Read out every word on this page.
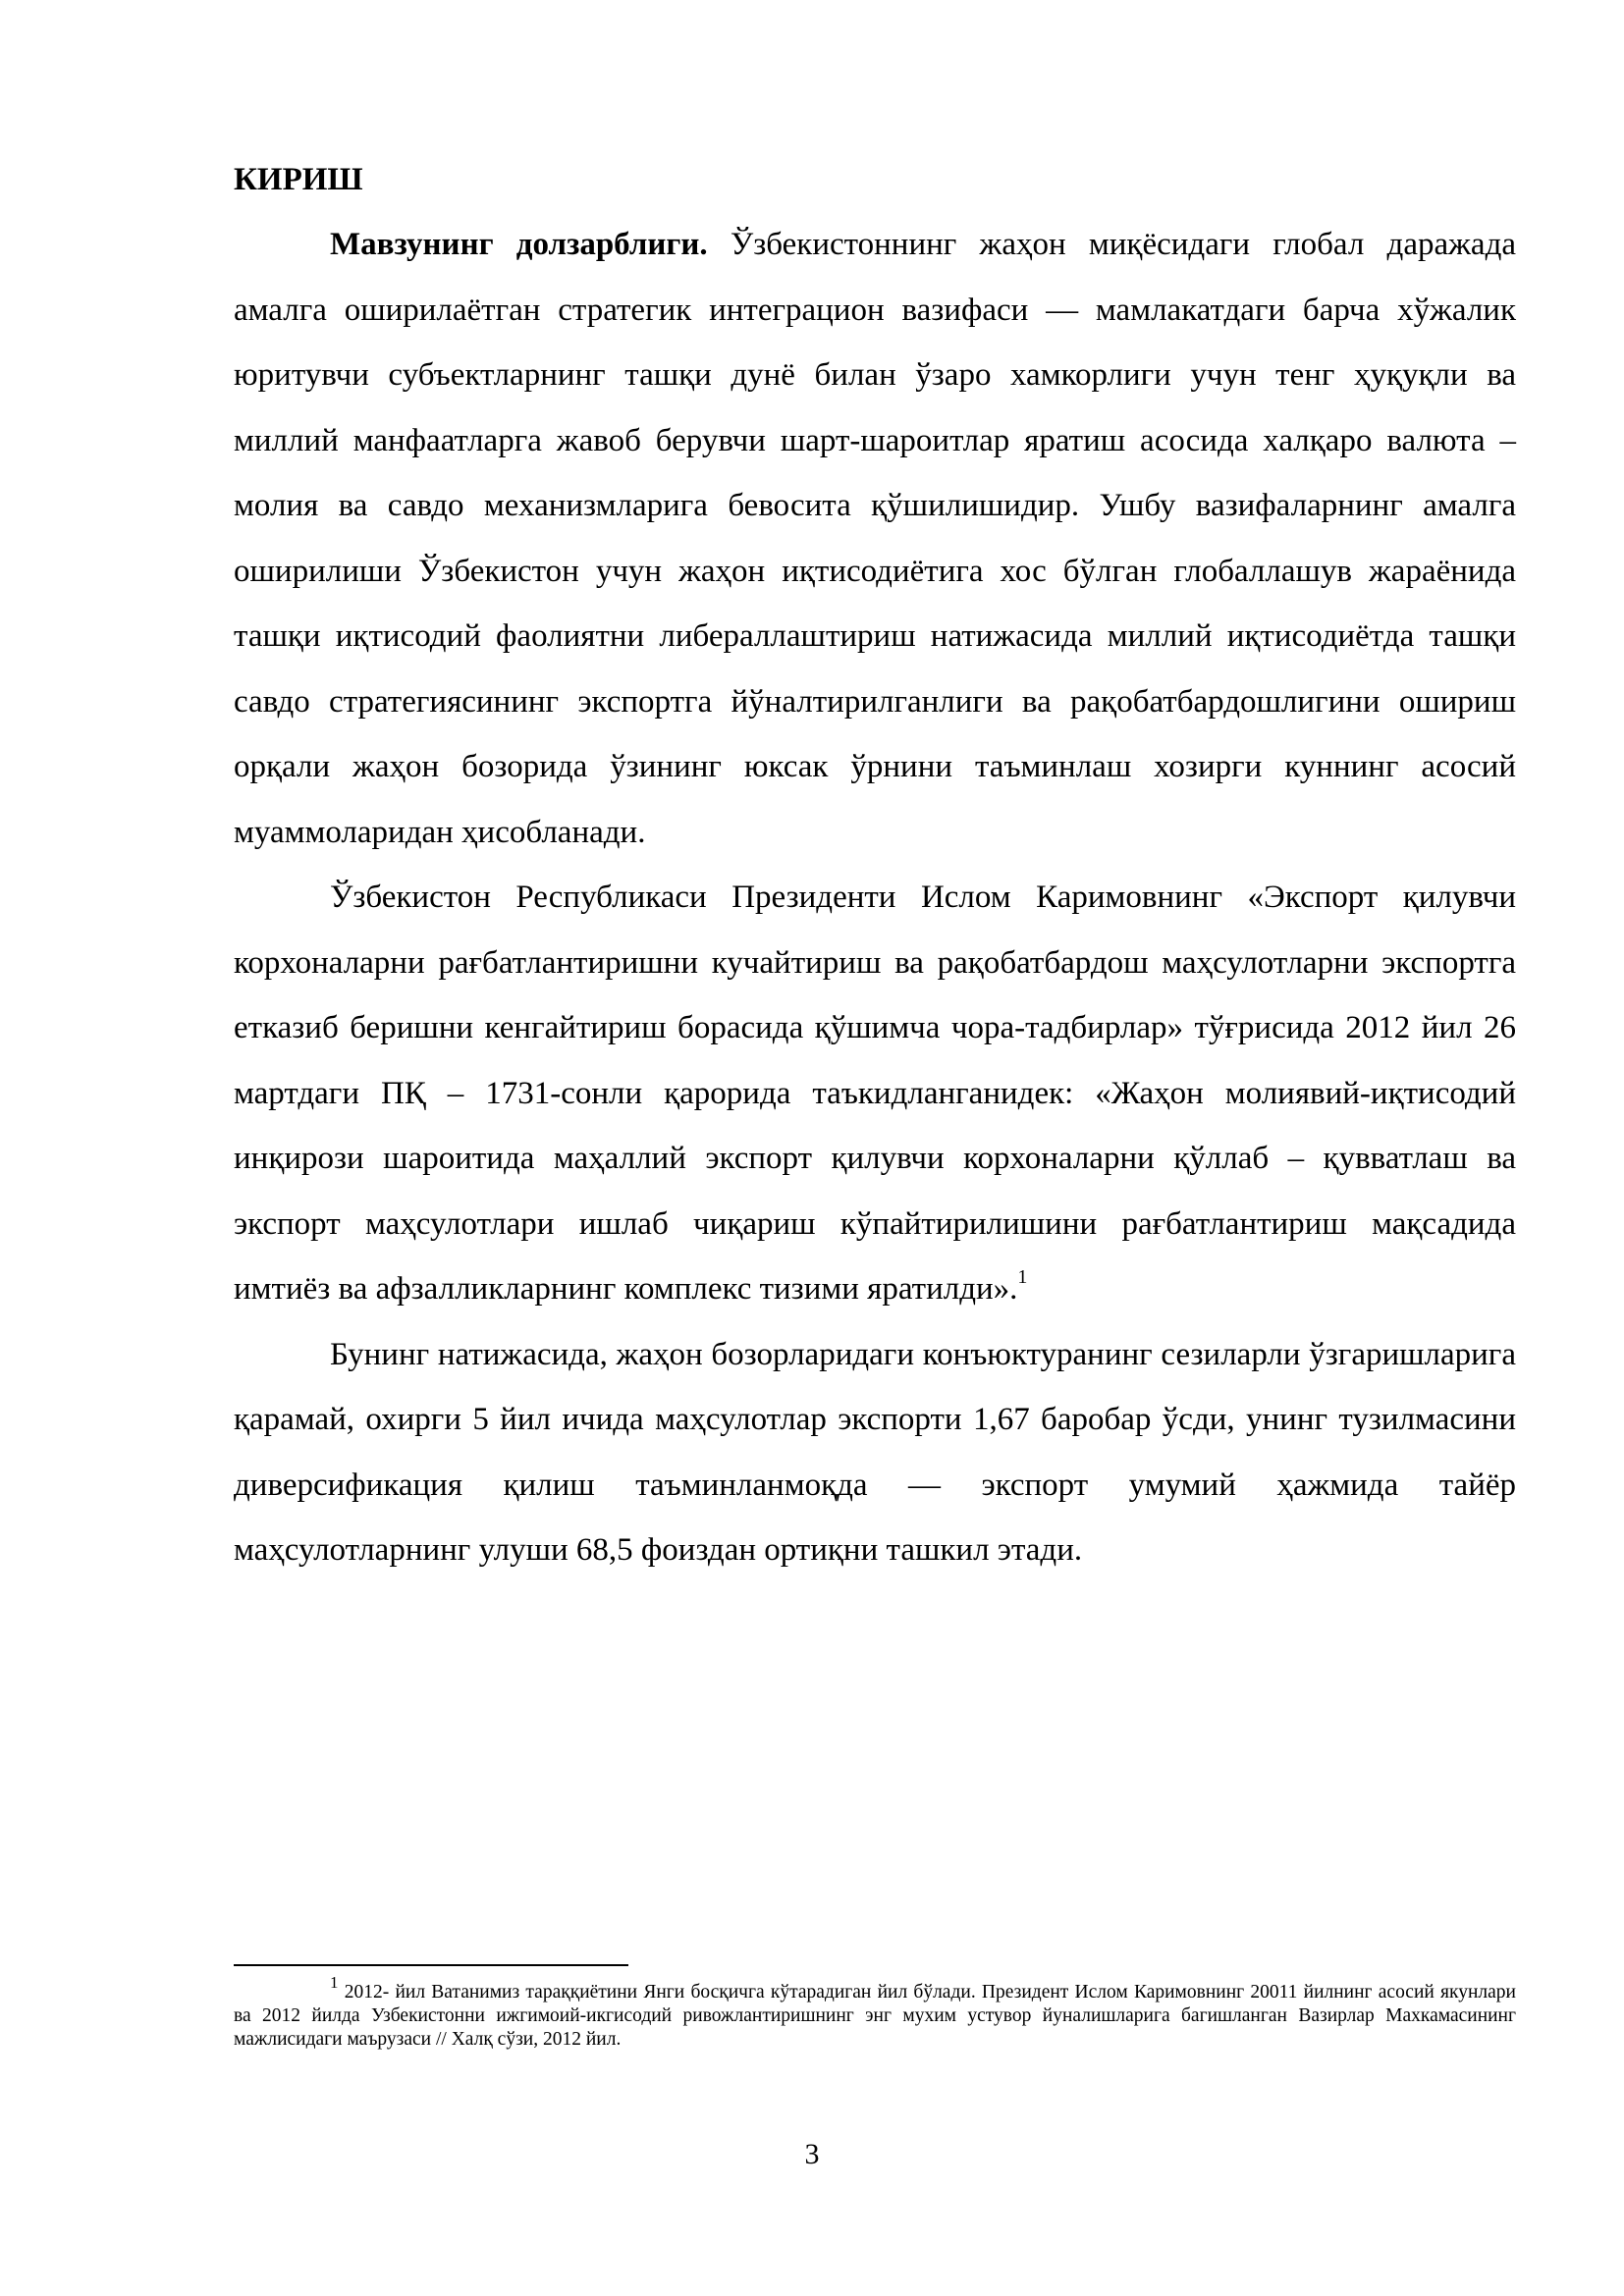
КИРИШ

Мавзунинг долзарблиги. Ўзбекистоннинг жаҳон миқёсидаги глобал даражада амалга оширилаётган стратегик интеграцион вазифаси — мамлакатдаги барча хўжалик юритувчи субъектларнинг ташқи дунё билан ўзаро хамкорлиги учун тенг ҳуқуқли ва миллий манфаатларга жавоб берувчи шарт-шароитлар яратиш асосида халқаро валюта – молия ва савдо механизмларига бевосита қўшилишидир. Ушбу вазифаларнинг амалга оширилиши Ўзбекистон учун жаҳон иқтисодиётига хос бўлган глобаллашув жараёнида ташқи иқтисодий фаолиятни либераллаштириш натижасида миллий иқтисодиётда ташқи савдо стратегиясининг экспортга йўналтирилганлиги ва рақобатбардошлигини ошириш орқали жаҳон бозорида ўзининг юксак ўрнини таъминлаш хозирги куннинг асосий муаммоларидан ҳисобланади.

Ўзбекистон Республикаси Президенти Ислом Каримовнинг «Экспорт қилувчи корхоналарни рағбатлантиришни кучайтириш ва рақобатбардош маҳсулотларни экспортга етказиб беришни кенгайтириш борасида қўшимча чора-тадбирлар» тўғрисида 2012 йил 26 мартдаги ПҚ – 1731-сонли қарорида таъкидланганидек: «Жаҳон молиявий-иқтисодий инқирози шароитида маҳаллий экспорт қилувчи корхоналарни қўллаб – қувватлаш ва экспорт маҳсулотлари ишлаб чиқариш кўпайтирилишини рағбатлантириш мақсадида имтиёз ва афзалликларнинг комплекс тизими яратилди».$^1$

Бунинг натижасида, жаҳон бозорларидаги конъюктуранинг сезиларли ўзгаришларига қарамай, охирги 5 йил ичида маҳсулотлар экспорти 1,67 баробар ўсди, унинг тузилмасини диверсификация қилиш таъминланмоқда — экспорт умумий ҳажмида тайёр маҳсулотларнинг улуши 68,5 фоиздан ортиқни ташкил этади.

$^1$ 2012- йил Ватанимиз тараққиётини Янги босқичга кўтарадиган йил бўлади. Президент Ислом Каримовнинг 20011 йилнинг асосий якунлари ва 2012 йилда Узбекистонни ижгимоий-икгисодий ривожлантиришнинг энг мухим устувор йуналишларига багишланган Вазирлар Махкамасининг мажлисидаги маърузаси // Халқ сўзи, 2012 йил.
3
